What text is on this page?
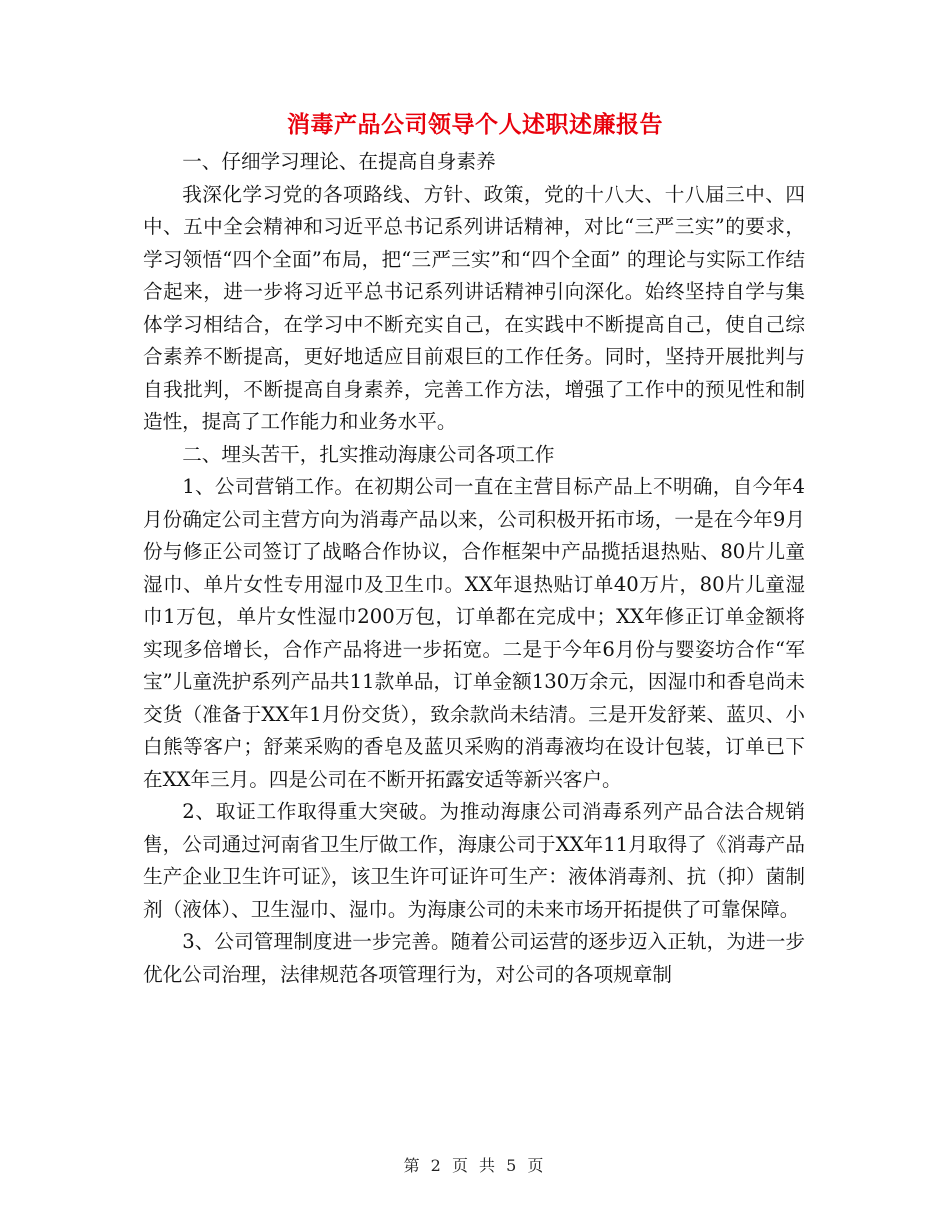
消毒产品公司领导个人述职述廉报告

一、仔细学习理论、在提高自身素养

我深化学习党的各项路线、方针、政策，党的十八大、十八届三中、四中、五中全会精神和习近平总书记系列讲话精神，对比“三严三实”的要求，学习领悟“四个全面”布局，把“三严三实”和“四个全面” 的理论与实际工作结合起来，进一步将习近平总书记系列讲话精神引向深化。始终坚持自学与集体学习相结合，在学习中不断充实自己，在实践中不断提高自己，使自己综合素养不断提高，更好地适应目前艰巨的工作任务。同时，坚持开展批判与自我批判，不断提高自身素养，完善工作方法，增强了工作中的预见性和制造性，提高了工作能力和业务水平。

二、埋头苦干，扎实推动海康公司各项工作

1、公司营销工作。在初期公司一直在主营目标产品上不明确，自今年4月份确定公司主营方向为消毒产品以来，公司积极开拓市场，一是在今年9月份与修正公司签订了战略合作协议，合作框架中产品揽括退热贴、80片儿童湿巾、单片女性专用湿巾及卫生巾。XX年退热贴订单40万片，80片儿童湿巾1万包，单片女性湿巾200万包，订单都在完成中；XX年修正订单金额将实现多倍增长，合作产品将进一步拓宽。二是于今年6月份与婴姿坊合作“军宝”儿童洗护系列产品共11款单品，订单金额130万余元，因湿巾和香皂尚未交货（准备于XX年1月份交货），致余款尚未结清。三是开发舒莱、蓝贝、小白熊等客户；舒莱采购的香皂及蓝贝采购的消毒液均在设计包装，订单已下在XX年三月。四是公司在不断开拓露安适等新兴客户。

2、取证工作取得重大突破。为推动海康公司消毒系列产品合法合规销售，公司通过河南省卫生厅做工作，海康公司于XX年11月取得了《消毒产品生产企业卫生许可证》，该卫生许可证许可生产：液体消毒剂、抗（抑）菌制剂（液体）、卫生湿巾、湿巾。为海康公司的未来市场开拓提供了可靠保障。

3、公司管理制度进一步完善。随着公司运营的逐步迈入正轨，为进一步优化公司治理，法律规范各项管理行为，对公司的各项规章制

第 2 页 共 5 页
